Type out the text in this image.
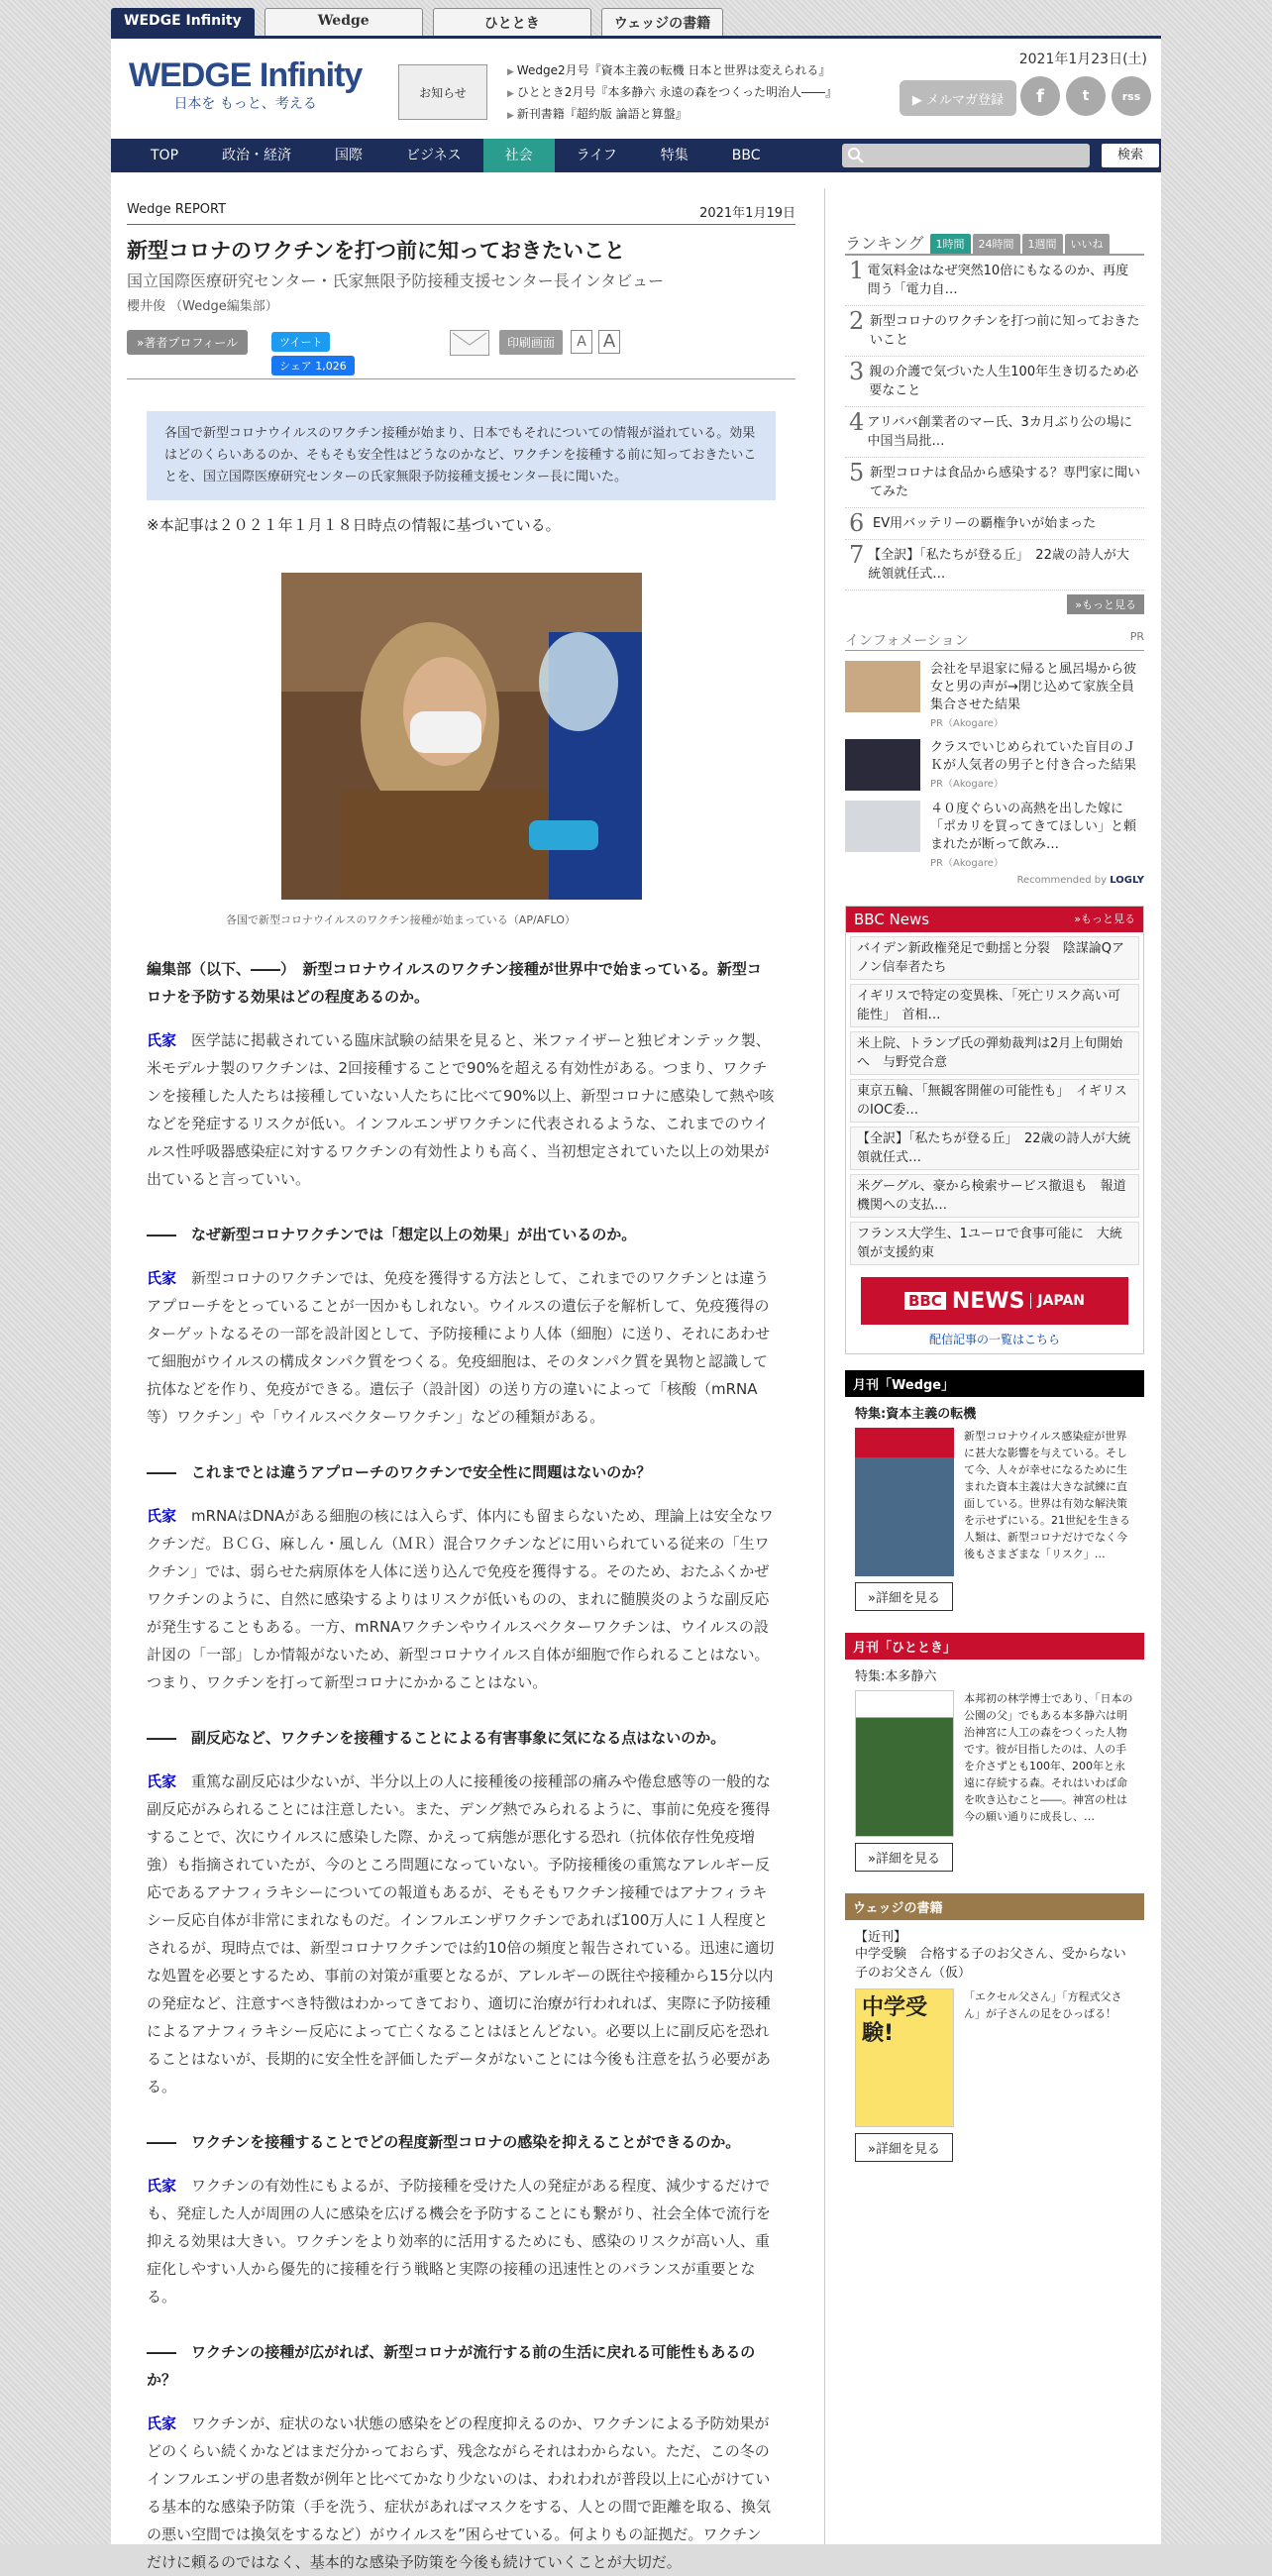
WEDGE Infinity	Wedge	ひととき	ウェッジの書籍
WEDGE Infinity
日本を もっと、考える
お知らせ
▶ Wedge2月号『資本主義の転機 日本と世界は変えられる』
▶ ひととき2月号『本多静六 永遠の森をつくった明治人――』
▶ 新刊書籍『超約版 論語と算盤』
2021年1月23日(土)
▶ メルマガ登録	f	t	rss
TOP	政治・経済	国際	ビジネス	社会	ライフ	特集	BBC	検索
Wedge REPORT	2021年1月19日
新型コロナのワクチンを打つ前に知っておきたいこと
国立国際医療研究センター・氏家無限予防接種支援センター長インタビュー
櫻井俊 （Wedge編集部）
»著者プロフィール	ツイート
シェア 1,026
印刷画面	A A
各国で新型コロナウイルスのワクチン接種が始まり、日本でもそれについての情報が溢れている。効果はどのくらいあるのか、そもそも安全性はどうなのかなど、ワクチンを接種する前に知っておきたいことを、国立国際医療研究センターの氏家無限予防接種支援センター長に聞いた。
※本記事は２０２１年１月１８日時点の情報に基づいている。
各国で新型コロナウイルスのワクチン接種が始まっている（AP/AFLO）
編集部（以下、――）　新型コロナウイルスのワクチン接種が世界中で始まっている。新型コロナを予防する効果はどの程度あるのか。
氏家　医学誌に掲載されている臨床試験の結果を見ると、米ファイザーと独ビオンテック製、米モデルナ製のワクチンは、2回接種することで90%を超える有効性がある。つまり、ワクチンを接種した人たちは接種していない人たちに比べて90%以上、新型コロナに感染して熱や咳などを発症するリスクが低い。インフルエンザワクチンに代表されるような、これまでのウイルス性呼吸器感染症に対するワクチンの有効性よりも高く、当初想定されていた以上の効果が出ていると言っていい。
――　なぜ新型コロナワクチンでは「想定以上の効果」が出ているのか。
氏家　新型コロナのワクチンでは、免疫を獲得する方法として、これまでのワクチンとは違うアプローチをとっていることが一因かもしれない。ウイルスの遺伝子を解析して、免疫獲得のターゲットなるその一部を設計図として、予防接種により人体（細胞）に送り、それにあわせて細胞がウイルスの構成タンパク質をつくる。免疫細胞は、そのタンパク質を異物と認識して抗体などを作り、免疫ができる。遺伝子（設計図）の送り方の違いによって「核酸（mRNA等）ワクチン」や「ウイルスベクターワクチン」などの種類がある。
――　これまでとは違うアプローチのワクチンで安全性に問題はないのか？
氏家　mRNAはDNAがある細胞の核には入らず、体内にも留まらないため、理論上は安全なワクチンだ。ＢＣＧ、麻しん・風しん（ＭＲ）混合ワクチンなどに用いられている従来の「生ワクチン」では、弱らせた病原体を人体に送り込んで免疫を獲得する。そのため、おたふくかぜワクチンのように、自然に感染するよりはリスクが低いものの、まれに髄膜炎のような副反応が発生することもある。一方、mRNAワクチンやウイルスベクターワクチンは、ウイルスの設計図の「一部」しか情報がないため、新型コロナウイルス自体が細胞で作られることはない。つまり、ワクチンを打って新型コロナにかかることはない。
――　副反応など、ワクチンを接種することによる有害事象に気になる点はないのか。
氏家　重篤な副反応は少ないが、半分以上の人に接種後の接種部の痛みや倦怠感等の一般的な副反応がみられることには注意したい。また、デング熱でみられるように、事前に免疫を獲得することで、次にウイルスに感染した際、かえって病態が悪化する恐れ（抗体依存性免疫増強）も指摘されていたが、今のところ問題になっていない。予防接種後の重篤なアレルギー反応であるアナフィラキシーについての報道もあるが、そもそもワクチン接種ではアナフィラキシー反応自体が非常にまれなものだ。インフルエンザワクチンであれば100万人に１人程度とされるが、現時点では、新型コロナワクチンでは約10倍の頻度と報告されている。迅速に適切な処置を必要とするため、事前の対策が重要となるが、アレルギーの既往や接種から15分以内の発症など、注意すべき特徴はわかってきており、適切に治療が行われれば、実際に予防接種によるアナフィラキシー反応によって亡くなることはほとんどない。必要以上に副反応を恐れることはないが、長期的に安全性を評価したデータがないことには今後も注意を払う必要がある。
――　ワクチンを接種することでどの程度新型コロナの感染を抑えることができるのか。
氏家　ワクチンの有効性にもよるが、予防接種を受けた人の発症がある程度、減少するだけでも、発症した人が周囲の人に感染を広げる機会を予防することにも繋がり、社会全体で流行を抑える効果は大きい。ワクチンをより効率的に活用するためにも、感染のリスクが高い人、重症化しやすい人から優先的に接種を行う戦略と実際の接種の迅速性とのバランスが重要となる。
――　ワクチンの接種が広がれば、新型コロナが流行する前の生活に戻れる可能性もあるのか？
氏家　ワクチンが、症状のない状態の感染をどの程度抑えるのか、ワクチンによる予防効果がどのくらい続くかなどはまだ分かっておらず、残念ながらそれはわからない。ただ、この冬のインフルエンザの患者数が例年と比べてかなり少ないのは、われわれが普段以上に心がけている基本的な感染予防策（手を洗う、症状があればマスクをする、人との間で距離を取る、換気の悪い空間では換気をするなど）がウイルスを”困らせている。何よりもの証拠だ。ワクチンだけに頼るのではなく、基本的な感染予防策を今後も続けていくことが大切だ。
ランキング	1時間	24時間	1週間	いいね
1 電気料金はなぜ突然10倍にもなるのか、再度問う「電力自…
2 新型コロナのワクチンを打つ前に知っておきたいこと
3 親の介護で気づいた人生100年生き切るため必要なこと
4 アリババ創業者のマー氏、3カ月ぶり公の場に　中国当局批…
5 新型コロナは食品から感染する？専門家に聞いてみた
6 EV用バッテリーの覇権争いが始まった
7 【全訳】「私たちが登る丘」　22歳の詩人が大統領就任式…
»もっと見る
インフォメーション	PR
会社を早退家に帰ると風呂場から彼女と男の声が→閉じ込めて家族全員集合させた結果
PR（Akogare）
クラスでいじめられていた盲目のＪＫが人気者の男子と付き合った結果
PR（Akogare）
４０度ぐらいの高熱を出した嫁に「ポカリを買ってきてほしい」と頼まれたが断って飲み…
PR（Akogare）
Recommended by LOGLY
BBC News	»もっと見る
バイデン新政権発足で動揺と分裂　陰謀論Qアノン信奉者たち
イギリスで特定の変異株、「死亡リスク高い可能性」　首相…
米上院、トランプ氏の弾劾裁判は2月上旬開始へ　与野党合意
東京五輪、「無観客開催の可能性も」　イギリスのIOC委…
【全訳】「私たちが登る丘」　22歳の詩人が大統領就任式…
米グーグル、豪から検索サービス撤退も　報道機関への支払…
フランス大学生、1ユーロで食事可能に　大統領が支援約束
BBC NEWS JAPAN
配信記事の一覧はこちら
月刊「Wedge」
特集:資本主義の転機
新型コロナウイルス感染症が世界に甚大な影響を与えている。そして今、人々が幸せになるために生まれた資本主義は大きな試練に直面している。世界は有効な解決策を示せずにいる。21世紀を生きる人類は、新型コロナだけでなく今後もさまざまな「リスク」…
»詳細を見る
月刊「ひととき」
特集:本多静六
本邦初の林学博士であり、「日本の公園の父」でもある本多静六は明治神宮に人工の森をつくった人物です。彼が目指したのは、人の手を介さずとも100年、200年と永遠に存続する森。それはいわば命を吹き込むこと――。神宮の杜は今の願い通りに成長し、…
»詳細を見る
ウェッジの書籍
【近刊】
中学受験　合格する子のお父さん、受からない子のお父さん（仮）
中学受験!
「エクセル父さん」「方程式父さん」が子さんの足をひっぱる！
»詳細を見る
